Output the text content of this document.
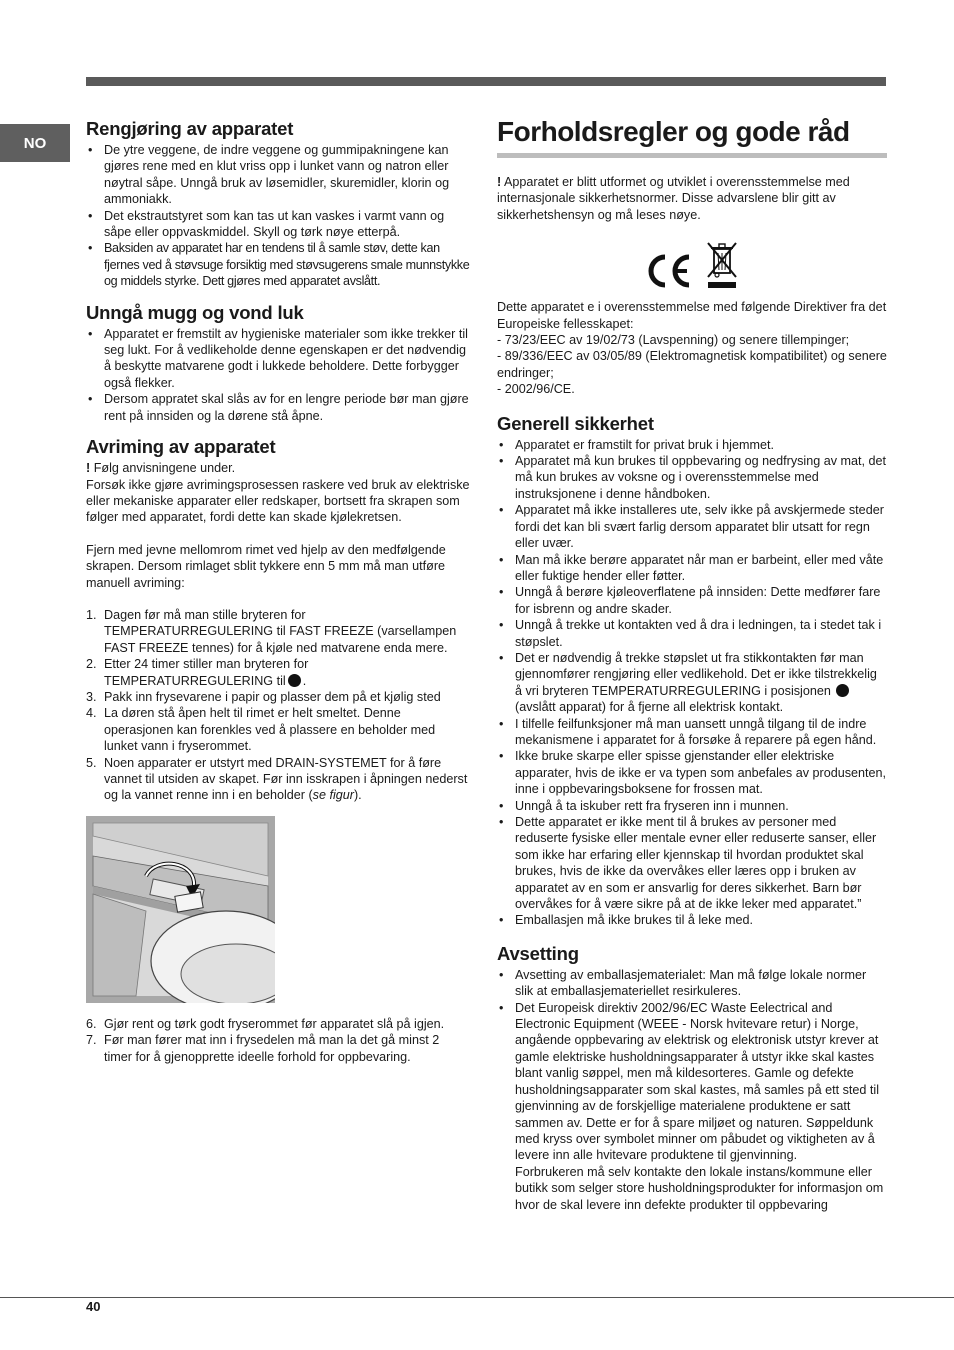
NO
Rengjøring av apparatet
• De ytre veggene, de indre veggene og gummipakningene kan gjøres rene med en klut vriss opp i lunket vann og natron eller nøytral såpe. Unngå bruk av løsemidler, skuremidler, klorin og ammoniakk.
• Det ekstrautstyret som kan tas ut kan vaskes i varmt vann og såpe eller oppvaskmiddel. Skyll og tørk nøye etterpå.
• Baksiden av apparatet har en tendens til å samle støv, dette kan fjernes ved å støvsuge forsiktig med støvsugerens smale munnstykke og middels styrke. Dett gjøres med apparatet avslått.
Unngå mugg og vond luk
• Apparatet er fremstilt av hygieniske materialer som ikke trekker til seg lukt. For å vedlikeholde denne egenskapen er det nødvendig å beskytte matvarene godt i lukkede beholdere. Dette forbygger også flekker.
• Dersom appratet skal slås av for en lengre periode bør man gjøre rent på innsiden og la dørene stå åpne.
Avriming av apparatet

! Følg anvisningene under.

Forsøk ikke gjøre avrimingsprosessen raskere ved bruk av elektriske eller mekaniske apparater eller redskaper, bortsett fra skrapen som følger med apparatet, fordi dette kan skade kjølekretsen.

Fjern med jevne mellomrom rimet ved hjelp av den medfølgende skrapen. Dersom rimlaget sblit tykkere enn 5 mm må man utføre manuell avriming:

1. Dagen før må man stille bryteren for TEMPERATURREGULERING til FAST FREEZE (varsellampen FAST FREEZE tennes) for å kjøle ned matvarene enda mere.
2. Etter 24 timer stiller man bryteren for TEMPERATURREGULERING til .
3. Pakk inn frysevarene i papir og plasser dem på et kjølig sted
4. La døren stå åpen helt til rimet er helt smeltet. Denne operasjonen kan forenkles ved å plassere en beholder med lunket vann i fryserommet.
5. Noen apparater er utstyrt med DRAIN-SYSTEMET for å føre vannet til utsiden av skapet. Før inn isskrapen i åpningen nederst og la vannet renne inn i en beholder (se figur).
6. Gjør rent og tørk godt fryserommet før apparatet slå på igjen.
7. Før man fører mat inn i frysedelen må man la det gå minst 2 timer for å gjenopprette ideelle forhold for oppbevaring.
Forholdsregler og gode råd

! Apparatet er blitt utformet og utviklet i overensstemmelse med internasjonale sikkerhetsnormer. Disse advarslene blir gitt av sikkerhetshensyn og må leses nøye.

Dette apparatet e i overensstemmelse med følgende Direktiver fra det Europeiske fellesskapet:

- 73/23/EEC av 19/02/73 (Lavspenning) og senere tillempinger;

- 89/336/EEC av 03/05/89 (Elektromagnetisk kompatibilitet) og senere endringer;

- 2002/96/CE.

Generell sikkerhet
• Apparatet er framstilt for privat bruk i hjemmet.
• Apparatet må kun brukes til oppbevaring og nedfrysing av mat, det må kun brukes av voksne og i overensstemmelse med instruksjonene i denne håndboken.
• Apparatet må ikke installeres ute, selv ikke på avskjermede steder fordi det kan bli svært farlig dersom apparatet blir utsatt for regn eller uvær.
• Man må ikke berøre apparatet når man er barbeint, eller med våte eller fuktige hender eller føtter.
• Unngå å berøre kjøleoverflatene på innsiden: Dette medfører fare for isbrenn og andre skader.
• Unngå å trekke ut kontakten ved å dra i ledningen, ta i stedet tak i støpslet.
• Det er nødvendig å trekke støpslet ut fra stikkontakten før man gjennomfører rengjøring eller vedlikehold. Det er ikke tilstrekkelig å vri bryteren TEMPERATURREGULERING i posisjonen (avslått apparat) for å fjerne all elektrisk kontakt.
• I tilfelle feilfunksjoner må man uansett unngå tilgang til de indre mekanismene i apparatet for å forsøke å reparere på egen hånd.
• Ikke bruke skarpe eller spisse gjenstander eller elektriske apparater, hvis de ikke er va typen som anbefales av produsenten, inne i oppbevaringsboksene for frossen mat.
• Unngå å ta iskuber rett fra fryseren inn i munnen.
• Dette apparatet er ikke ment til å brukes av personer med reduserte fysiske eller mentale evner eller reduserte sanser, eller som ikke har erfaring eller kjennskap til hvordan produktet skal brukes, hvis de ikke da overvåkes eller læres opp i bruken av apparatet av en som er ansvarlig for deres sikkerhet. Barn bør overvåkes for å være sikre på at de ikke leker med apparatet.”
• Emballasjen må ikke brukes til å leke med.
Avsetting
• Avsetting av emballasjematerialet: Man må følge lokale normer slik at emballasjemateriellet resirkuleres.
• Det Europeisk direktiv 2002/96/EC Waste Eelectrical and Electronic Equipment (WEEE - Norsk hvitevare retur) i Norge, angående oppbevaring av elektrisk og elektronisk utstyr krever at gamle elektriske husholdningsapparater å utstyr ikke skal kastes blant vanlig søppel, men må kildesorteres. Gamle og defekte husholdningsapparater som skal kastes, må samles på ett sted til gjenvinning av de forskjellige materialene produktene er satt sammen av. Dette er for å spare miljøet og naturen. Søppeldunk med kryss over symbolet minner om påbudet og viktigheten av å levere inn alle hvitevare produktene til gjenvinning.
Forbrukeren må selv kontakte den lokale instans/kommune eller butikk som selger store husholdningsprodukter for informasjon om hvor de skal levere inn defekte produkter til oppbevaring
40
